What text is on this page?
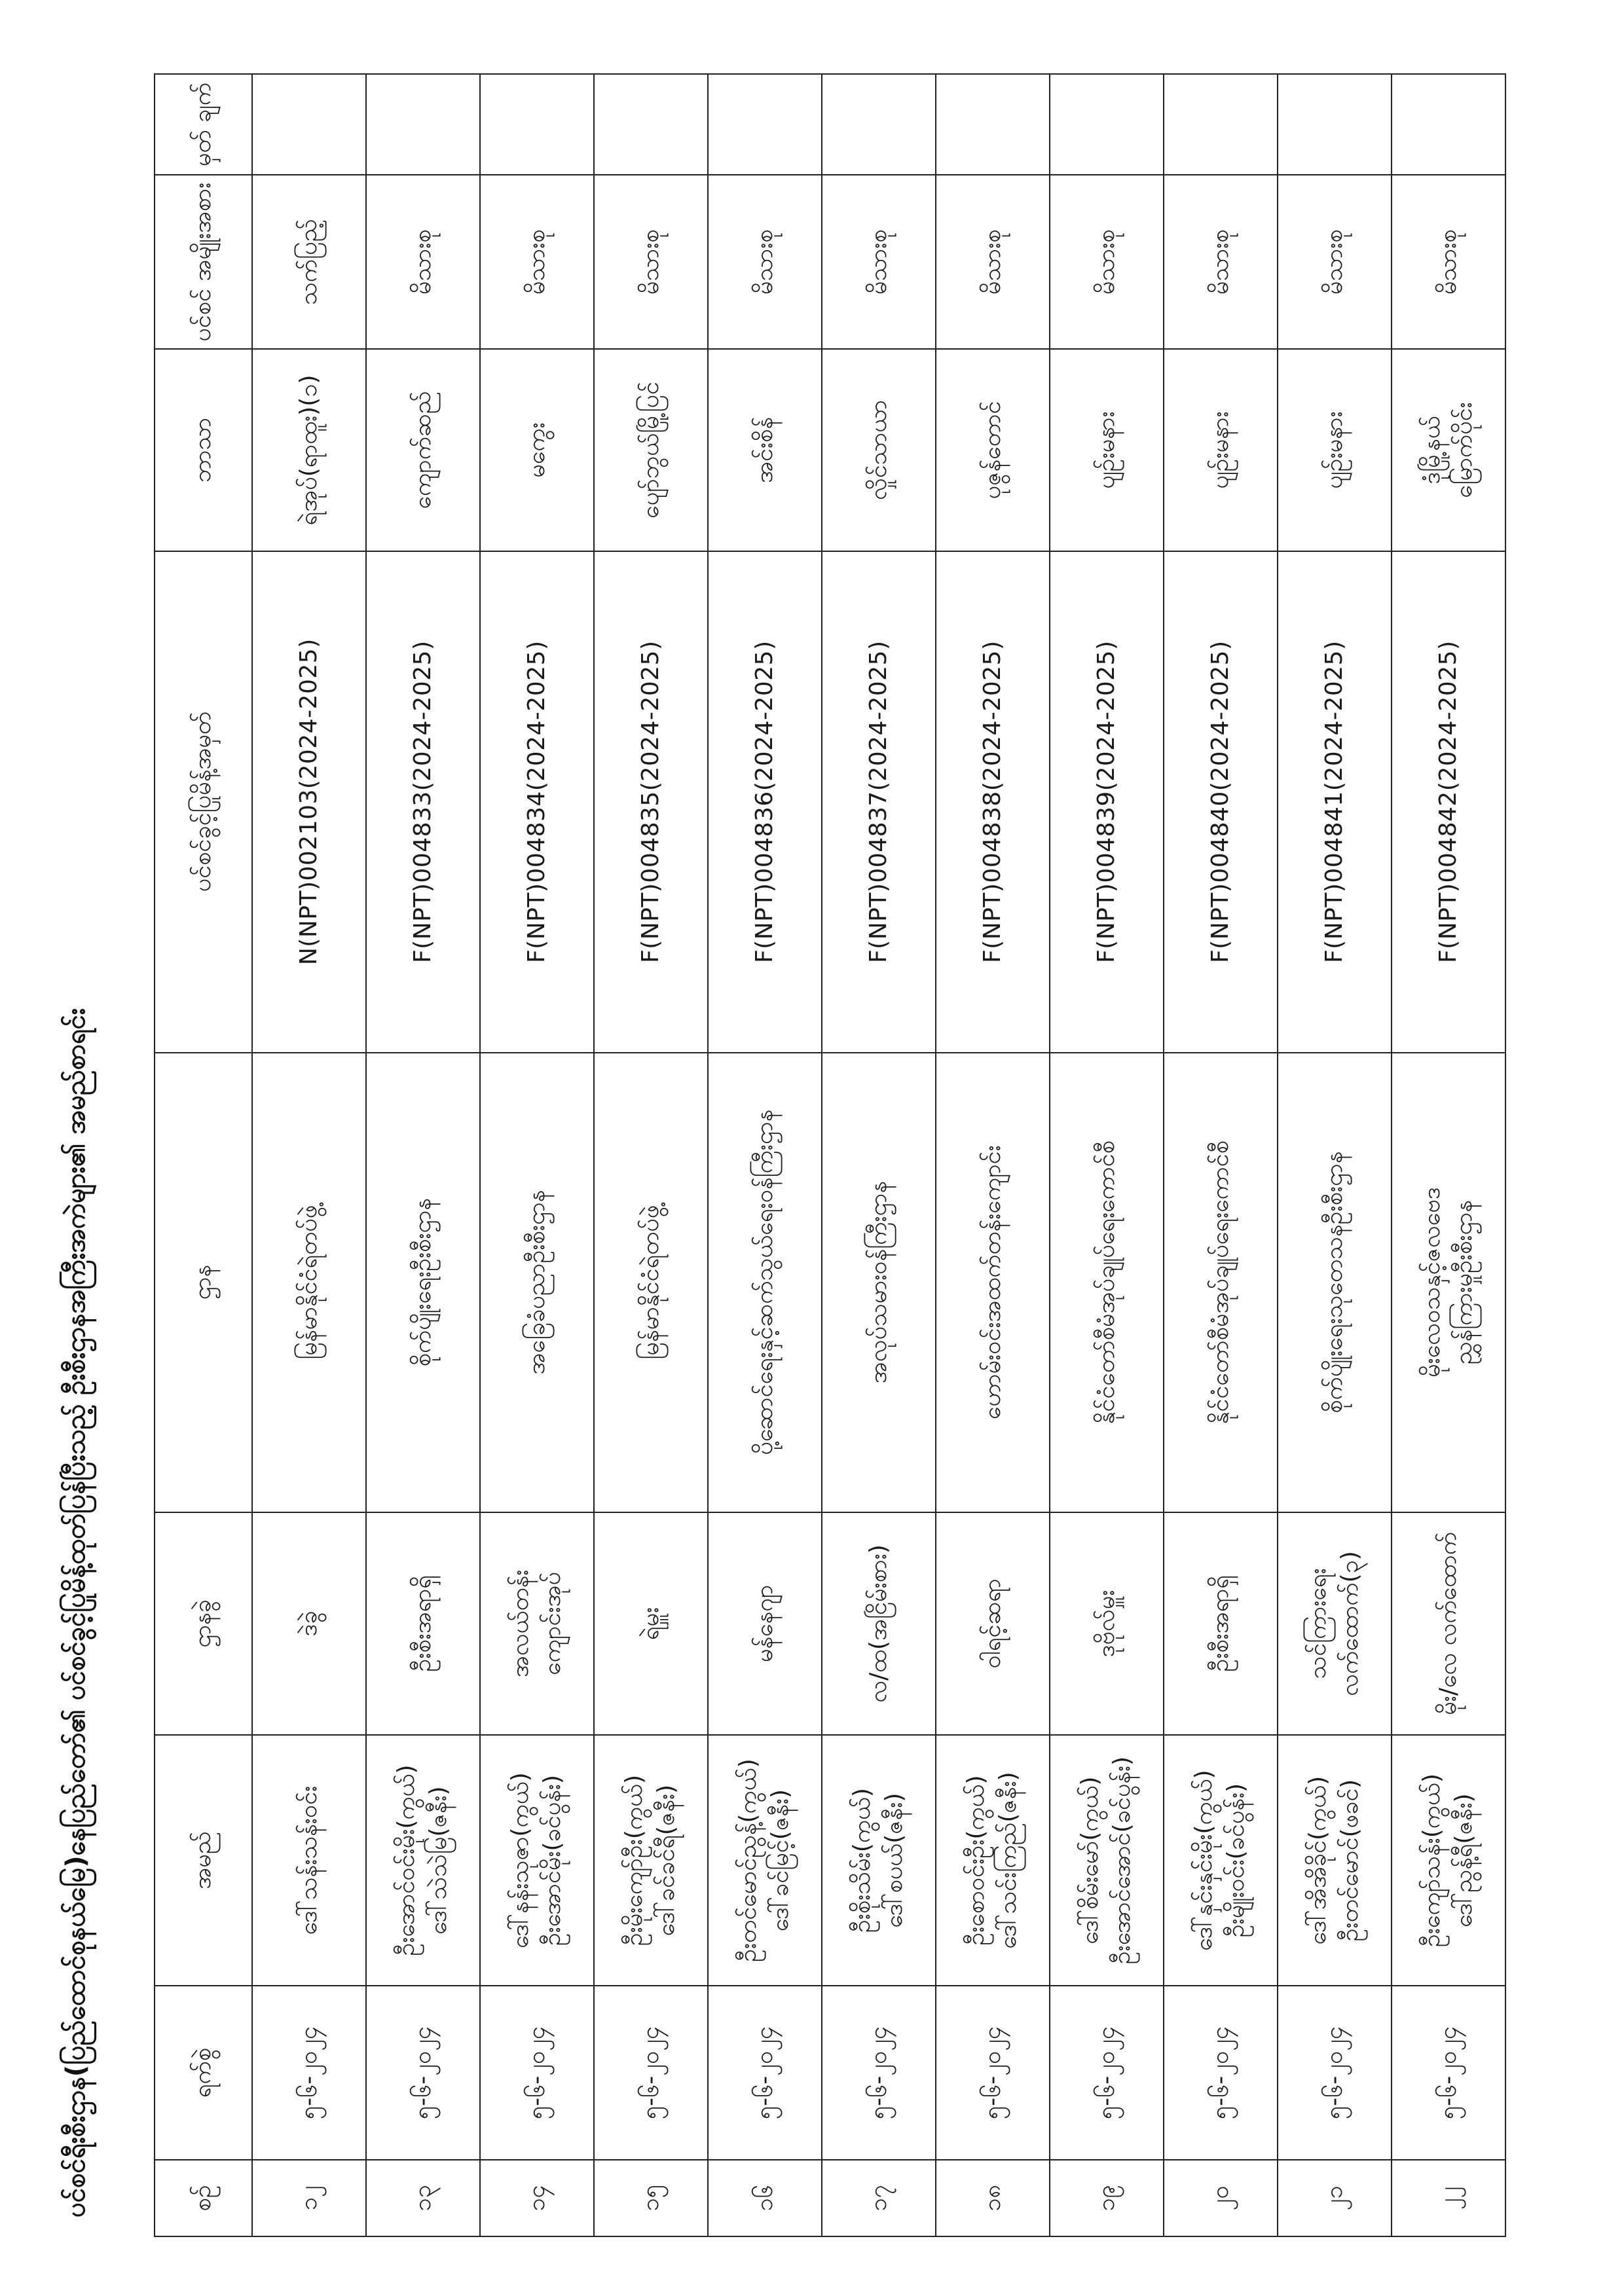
ပင်စင်ရီးစီးဌာန(ပြည်ထောင်စုနယ်မြေ)နေပြည်တော်၏ ပင်စင်ခွင့်ပြုမိန့်ထုတ်ပြန်ပြီးသည့် ဦးစီးဌာနအကြီးအကဲများ၏ အမည်စာရင်း	စဉ်	ရက်စွဲ	အမည်	ဌာနခွဲ	ဌာန	ပင်စင်ခွင့်ပြုမိန့်အမှတ်	ဘာသာ	ပင်စင် အမျိုးအစား	မှတ် ချက်

၁၂	၅-၆-၂၀၂၄	ဒေါ်သန်းသန်းဝင်း	ဒဲခွဲ	မြန်မာနိုင်ငံရဲတပ်ဖွဲ့	N(NPT)002103(2024-2025)	ရဲအုပ်(ရာထူး)(၁)	သက်ပြည့်	

၁၃	၅-၆-၂၀၂၄	ဦးအောင်ဝင်းမိုး(ကွယ်) ဒေါ်သဲသဲမြ(ဇနီး)	ဦးစီးအရာရှိ	စိုက်ပျိုးရေးဦးစီးဌာန	F(NPT)004833(2024-2025)	ကျောက်ဆည်	မိသားစု	

၁၄	၅-၆-၂၀၂၄	ဒေါ်နန်းသုဇာ(ကွယ်) ဦးအောင်မိုး(ခင်ပွန်း)	အလယ်တန်း ကျောင်းအုပ်	အခြေခံပညာဦးစီးဌာန	F(NPT)004834(2024-2025)	မကွေး	မိသားစု	

၁၅	၅-၆-၂၀၂၄	ဦးမိုးကျော်ဦး(ကွယ်) ဒေါ်ခင်ခင်ရီ(ဇနီး)	ရဲမှူး	မြန်မာနိုင်ငံရဲတပ်ဖွဲ့	F(NPT)004835(2024-2025)	ပျော်ဘွယ်မြို့ပြင်	မိသားစု	

၁၆	၅-၆-၂၀၂၄	ဦးတင်မောင်ညွန့်(ကွယ်) ဒေါ်ခင်မြင့်(ဇနီး)	မန်နေဂျာ	ပို့ဆောင်ရေးနှင့်ဆက်သွယ်ရေးဝန်ကြီးဌာန	F(NPT)004836(2024-2025)	အင်းစိန်	မိသားစု	

၁၇	၅-၆-၂၀၂၄	ဦးစိုးသိမ်း(ကွယ်) ဒေါ်စပယ်(ဇနီး)	လ/ထ(အငြိမ်းစား)	အလုပ်သမားဝန်ကြီးဌာန	F(NPT)004837(2024-2025)	လှိုင်သာယာ	မိသားစု	

၁၈	၅-၆-၂၀၂၄	ဦးစောဝင်းဦး(ကွယ်) ဒေါ်သင်းကြည်(ဇနီး)	ဝါရင့်ဆရာ	ဟောမ်းဝင်းအထက်တန်းကျောင်း	F(NPT)004838(2024-2025)	ပုဇွန်တောင်	မိသားစု	

၁၉	၅-၆-၂၀၂၄	ဒေါ်စိမ်းမော်(ကွယ်) ဦးအောင်အောင်(ခင်ပွန်း)	ဒုဗိုလ်မှူး	နိုင်ငံတော်စီမံအုပ်ချုပ်ရေးကောင်စီ	F(NPT)004839(2024-2025)	ပျဉ်းမနား	မိသားစု	

၂၀	၅-၆-၂၀၂၄	ဒေါ်နှင်းနှင်းမိုး(ကွယ်) ဦးမျိုးဝင်း(ခင်ပွန်း)	ဦးစီးအရာရှိ	နိုင်ငံတော်စီမံအုပ်ချုပ်ရေးကောင်စီ	F(NPT)004840(2024-2025)	ပျဉ်းမနား	မိသားစု	

၂၁	၅-၆-၂၀၂၄	ဒေါ်အိအိခိုင်(ကွယ်) ဦးတင်မောင်(ဖခင်)	သင်ကြားရေး လက်ထောက်(၃)	စိုက်ပျိုးရေးသုတေသနဦးစီးဌာန	F(NPT)004841(2024-2025)	ပျဉ်းမနား	မိသားစု	

၂၂	၅-၆-၂၀၂၄	ဦးကျော်သန်း(ကွယ်) ဒေါ်ညွန့်ရီ(ဇနီး)	မိုး/လေ လက်ထောက်	မိုးလေဝသနှင့်ဇလဗေဒ ညွှန်ကြားမှုဦးစီးဌာန	F(NPT)004842(2024-2025)	ဒုံမြို့နယ် မြောက်ပိုင်း	မိသားစု	
